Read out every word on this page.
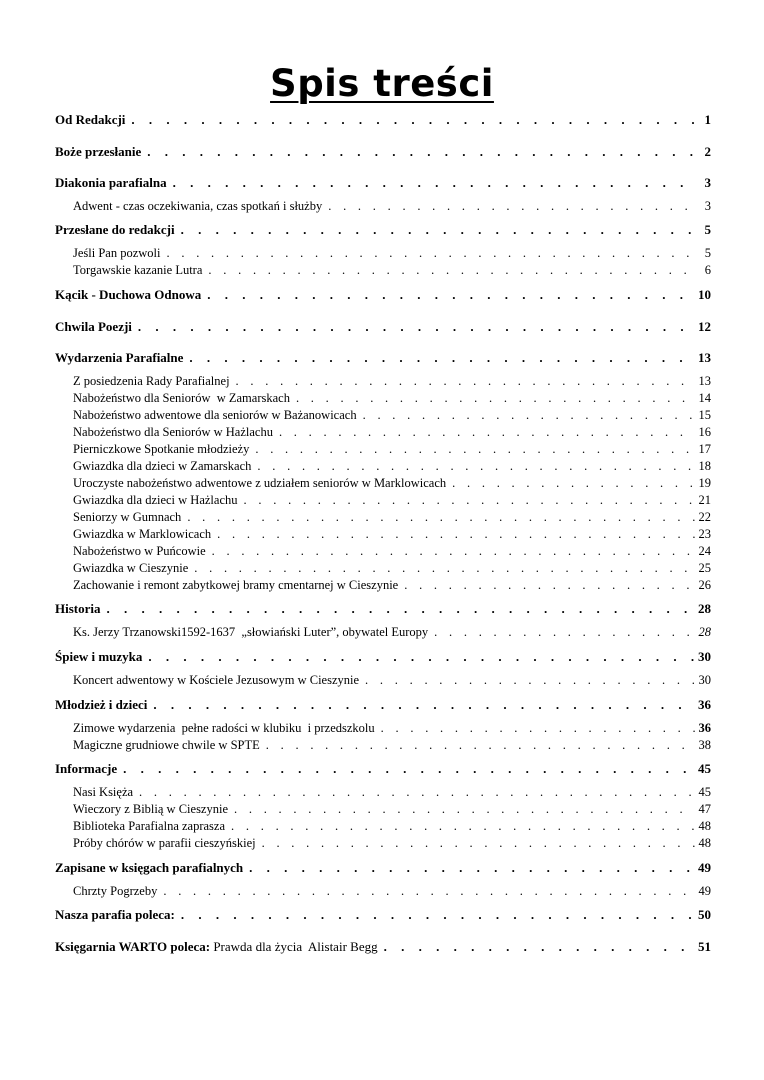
Spis treści
Od Redakcji . . .	1
Boże przesłanie . . .	2
Diakonia parafialna . . .	3
Adwent - czas oczekiwania, czas spotkań i służby . . .	3
Przesłane do redakcji . . .	5
Jeśli Pan pozwoli . . .	5
Torgawskie kazanie Lutra . . .	6
Kącik - Duchowa Odnowa . . .	10
Chwila Poezji . . .	12
Wydarzenia Parafialne . . .	13
Z posiedzenia Rady Parafialnej . . .	13
Nabożeństwo dla Seniorów  w Zamarskach . . .	14
Nabożeństwo adwentowe dla seniorów w Bażanowicach . . .	15
Nabożeństwo dla Seniorów w Hażlachu . . .	16
Pierniczkowe Spotkanie młodzieży . . .	17
Gwiazdka dla dzieci w Zamarskach . . .	18
Uroczyste nabożeństwo adwentowe z udziałem seniorów w Marklowicach . . .	19
Gwiazdka dla dzieci w Hażlachu . . .	21
Seniorzy w Gumnach . . .	22
Gwiazdka w Marklowicach . . .	23
Nabożeństwo w Puńcowie . . .	24
Gwiazdka w Cieszynie . . .	25
Zachowanie i remont zabytkowej bramy cmentarnej w Cieszynie . . .	26
Historia . . .	28
Ks. Jerzy Trzanowski1592-1637  „słowiański Luter”, obywatel Europy . . .	28
Śpiew i muzyka . . .	30
Koncert adwentowy w Kościele Jezusowym w Cieszynie . . .	30
Młodzież i dzieci . . .	36
Zimowe wydarzenia  pełne radości w klubiku  i przedszkolu . . .	36
Magiczne grudniowe chwile w SPTE . . .	38
Informacje . . .	45
Nasi Księża . . .	45
Wieczory z Biblią w Cieszynie . . .	47
Biblioteka Parafialna zaprasza . . .	48
Próby chórów w parafii cieszyńskiej . . .	48
Zapisane w księgach parafialnych . . .	49
Chrzty Pogrzeby . . .	49
Nasza parafia poleca: . . .	50
Księgarnia WARTO poleca: Prawda dla życia  Alistair Begg . . .	51
